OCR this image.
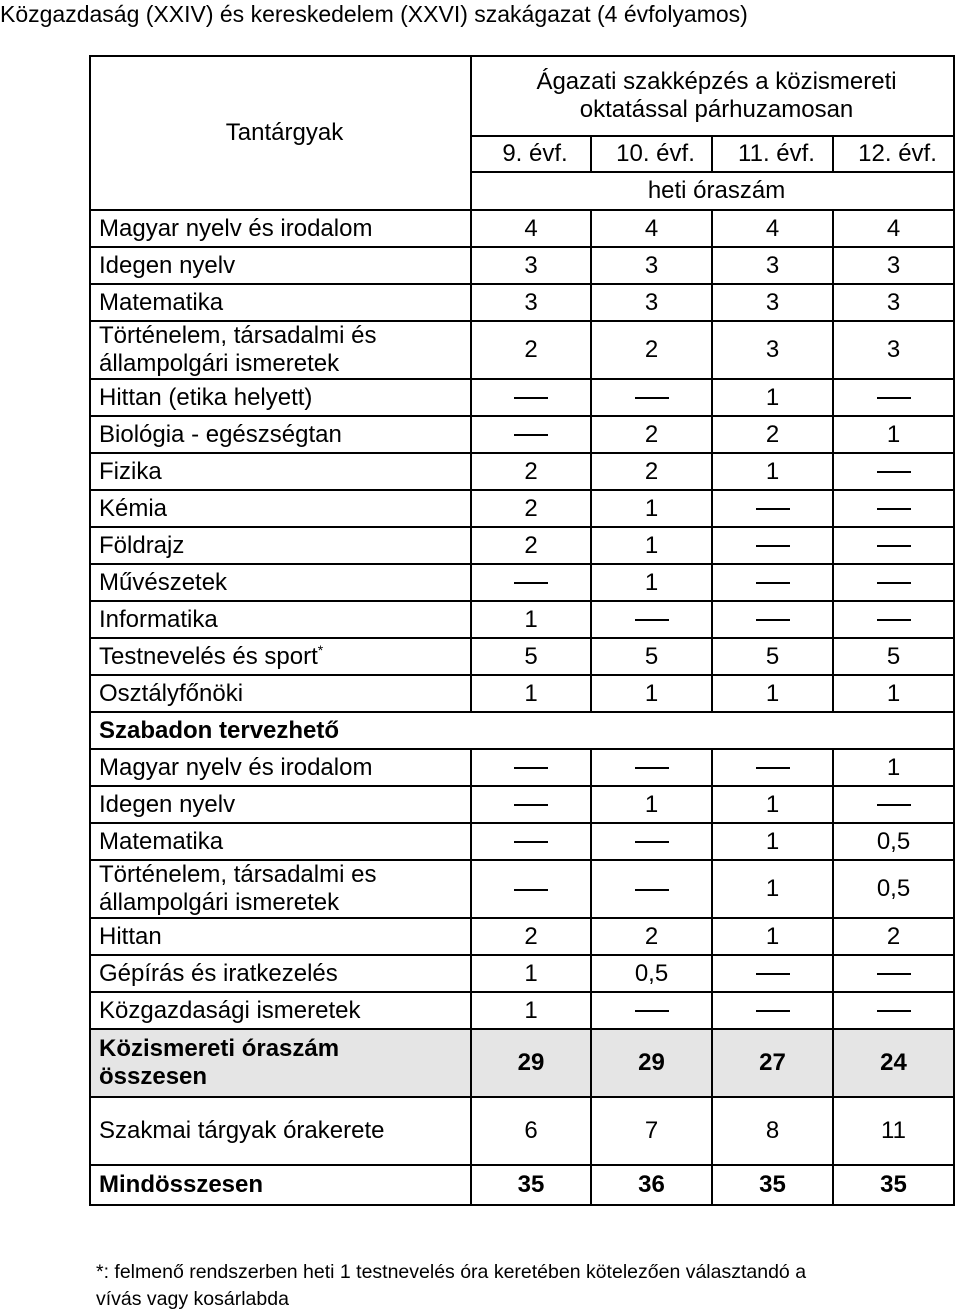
Közgazdaság (XXIV) és kereskedelem (XXVI) szakágazat (4 évfolyamos)
Tantárgyak	Ágazati szakképzés a közismereti
oktatással párhuzamosan			

	9. évf.	10. évf.	11. évf.	12. évf.
	heti óraszám			
Magyar nyelv és irodalom	4	4	4	4
Idegen nyelv	3	3	3	3
Matematika	3	3	3	3

Történelem, társadalmi és
állampolgári ismeretek	2	2	3	3
Hittan (etika helyett)			1	
Biológia - egészségtan		2	2	1
Fizika	2	2	1	
Kémia	2	1		
Földrajz	2	1		
Művészetek		1		
Informatika	1			
Testnevelés és sport*	5	5	5	5
Osztályfőnöki	1	1	1	1
Szabadon tervezhető				
Magyar nyelv és irodalom				1
Idegen nyelv		1	1	
Matematika			1	0,5

Történelem, társadalmi es
állampolgári ismeretek			1	0,5
Hittan	2	2	1	2
Gépírás és iratkezelés	1	0,5		
Közgazdasági ismeretek	1			

Közismereti óraszám
összesen	29	29	27	24
Szakmai tárgyak órakerete	6	7	8	11
Mindösszesen	35	36	35	35
*: felmenő rendszerben heti 1 testnevelés óra keretében kötelezően választandó a
vívás vagy kosárlabda
